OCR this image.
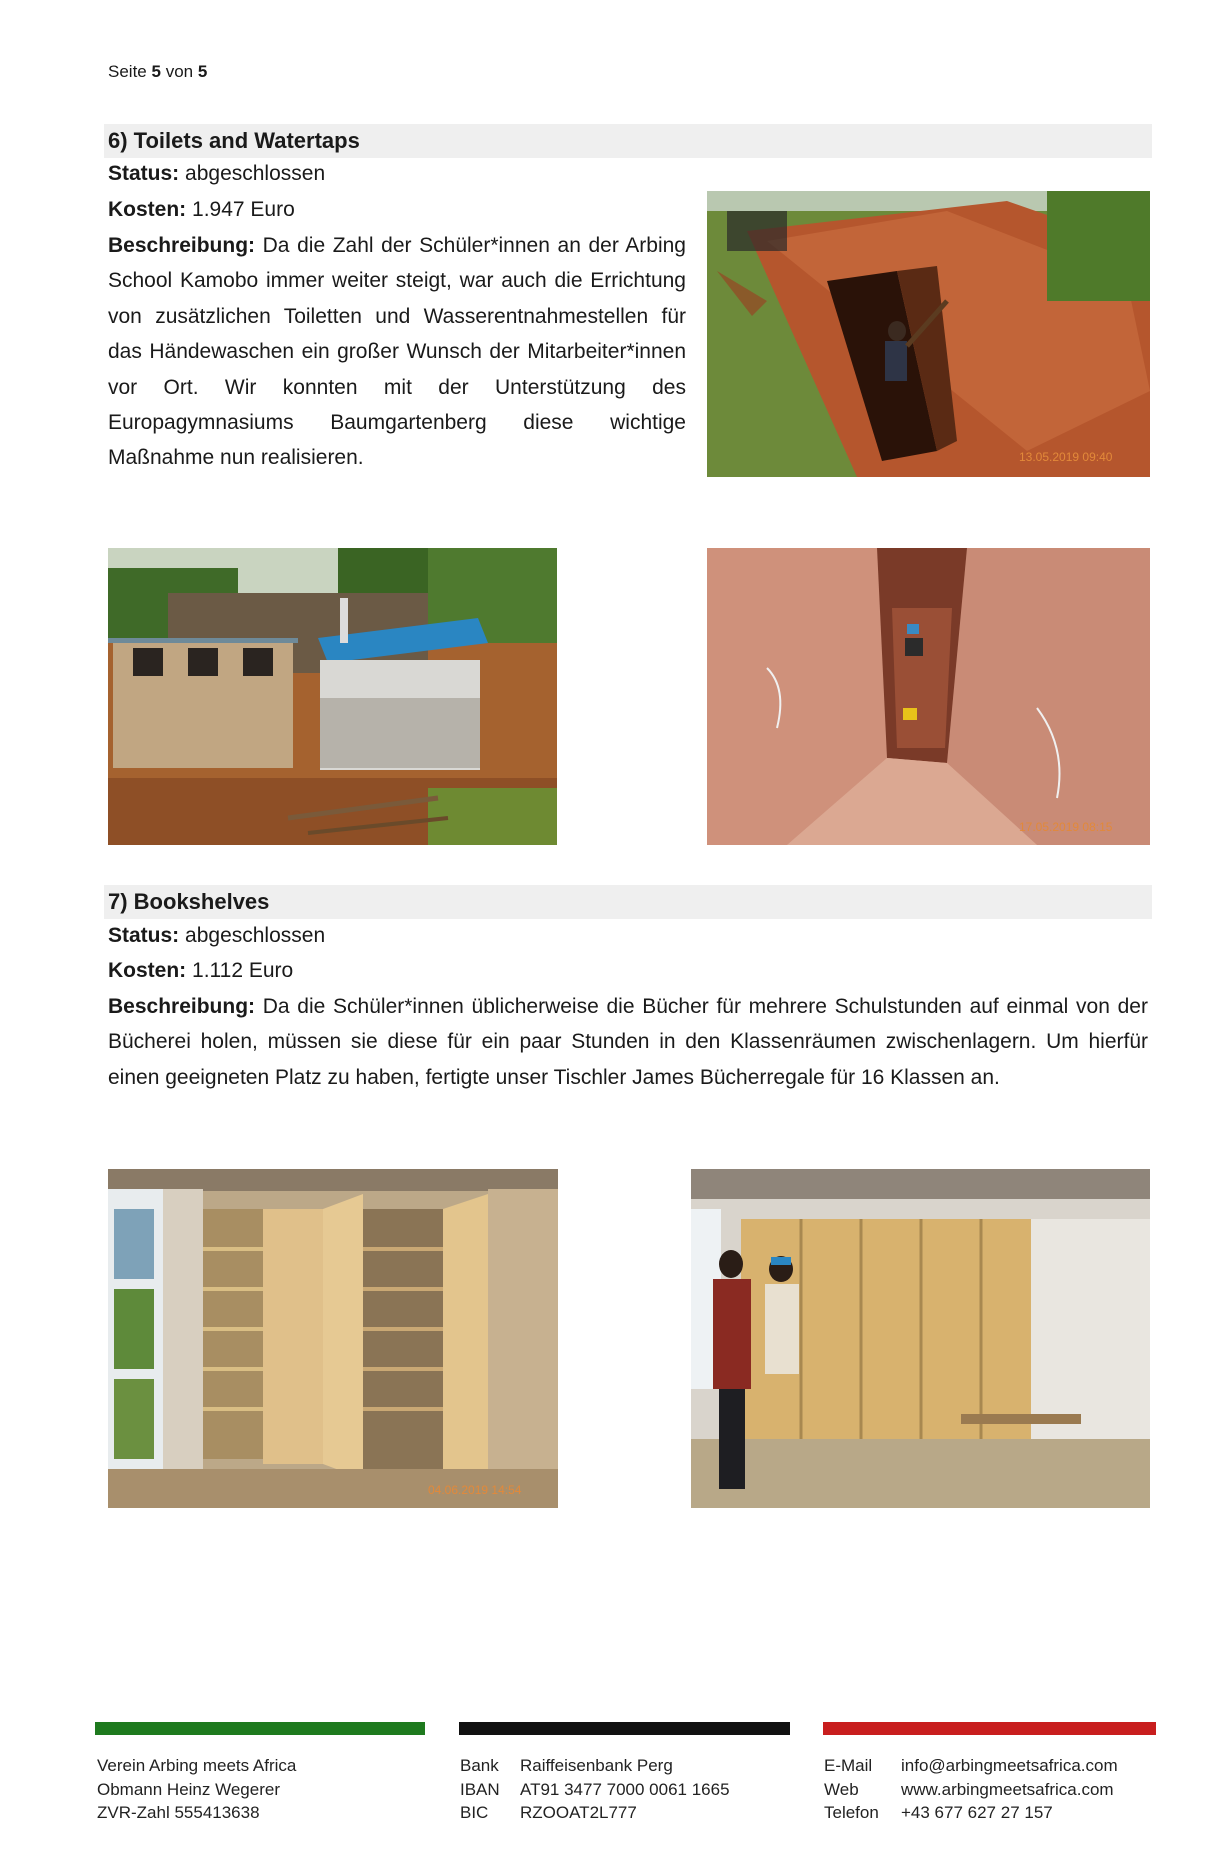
Seite 5 von 5
6) Toilets and Watertaps
Status: abgeschlossen
Kosten: 1.947 Euro

Beschreibung: Da die Zahl der Schüler*innen an der Arbing School Kamobo immer weiter steigt, war auch die Errichtung von zusätzlichen Toiletten und Wasserentnahmestellen für das Händewaschen ein großer Wunsch der Mitarbeiter*innen vor Ort. Wir konnten mit der Unterstützung des Europagymnasiums Baumgartenberg diese wichtige Maßnahme nun realisieren.	13.05.2019 09:40
17.05.2019 08:15
7) Bookshelves
Status: abgeschlossen
Kosten: 1.112 Euro

Beschreibung: Da die Schüler*innen üblicherweise die Bücher für mehrere Schulstunden auf einmal von der Bücherei holen, müssen sie diese für ein paar Stunden in den Klassenräumen zwischenlagern. Um hierfür einen geeigneten Platz zu haben, fertigte unser Tischler James Bücherregale für 16 Klassen an.

04.06.2019 14:54
Verein Arbing meets Africa
Obmann Heinz Wegerer
ZVR-Zahl 555413638
Bank	Raiffeisenbank Perg
IBAN	AT91 3477 7000 0061 1665
BIC	RZOOAT2L777
E-Mail	info@arbingmeetsafrica.com
Web	www.arbingmeetsafrica.com
Telefon	+43 677 627 27 157
